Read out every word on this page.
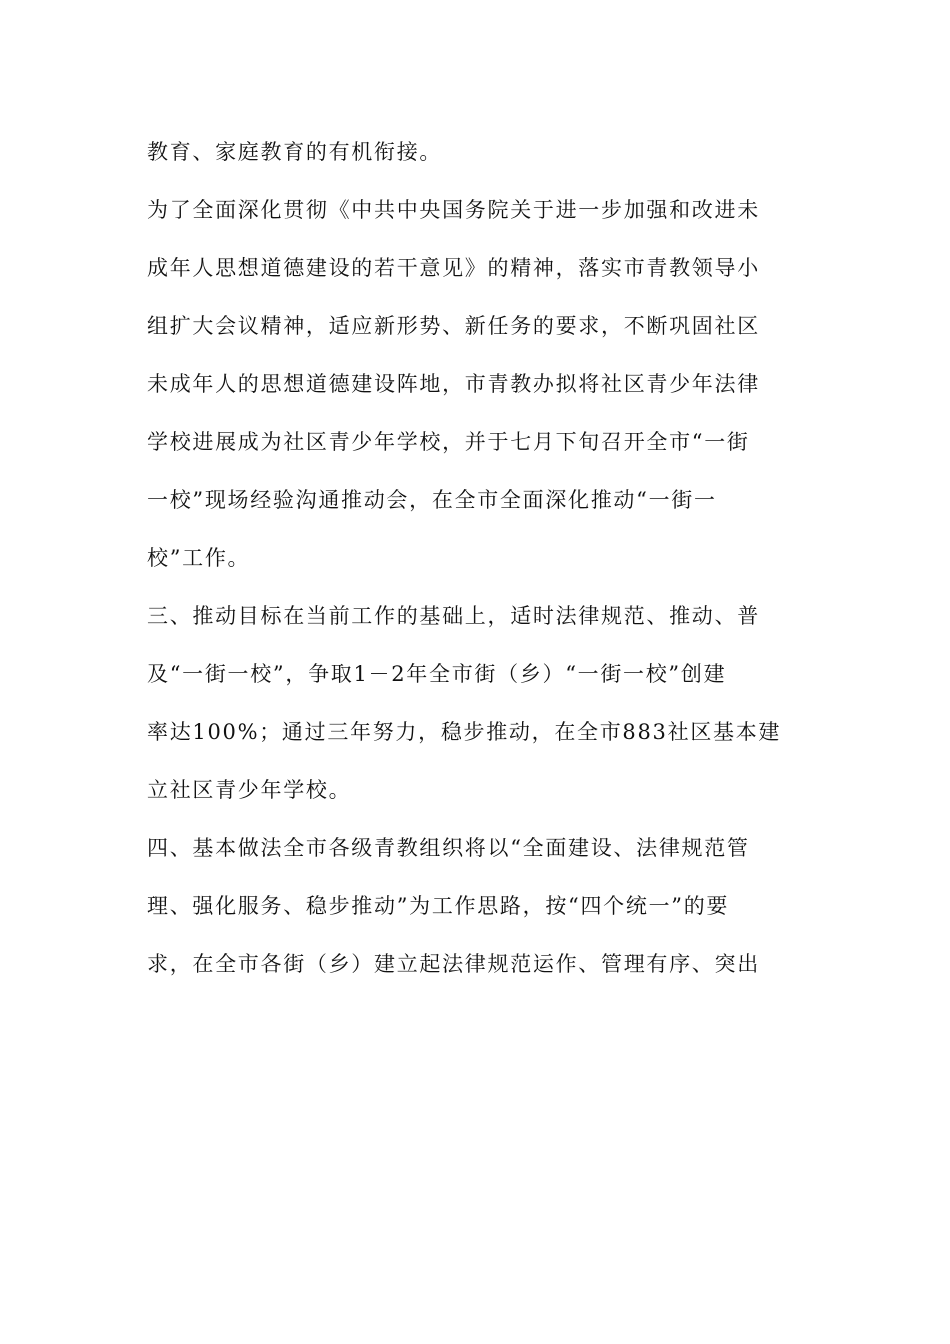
教育、家庭教育的有机衔接。
为了全面深化贯彻《中共中央国务院关于进一步加强和改进未
成年人思想道德建设的若干意见》的精神，落实市青教领导小
组扩大会议精神，适应新形势、新任务的要求，不断巩固社区
未成年人的思想道德建设阵地，市青教办拟将社区青少年法律
学校进展成为社区青少年学校，并于七月下旬召开全市“一街
一校”现场经验沟通推动会，在全市全面深化推动“一街一
校”工作。
三、推动目标在当前工作的基础上，适时法律规范、推动、普
及“一街一校”，争取1－2年全市街（乡）“一街一校”创建
率达100%；通过三年努力，稳步推动，在全市883社区基本建
立社区青少年学校。
四、基本做法全市各级青教组织将以“全面建设、法律规范管
理、强化服务、稳步推动”为工作思路，按“四个统一”的要
求，在全市各街（乡）建立起法律规范运作、管理有序、突出
